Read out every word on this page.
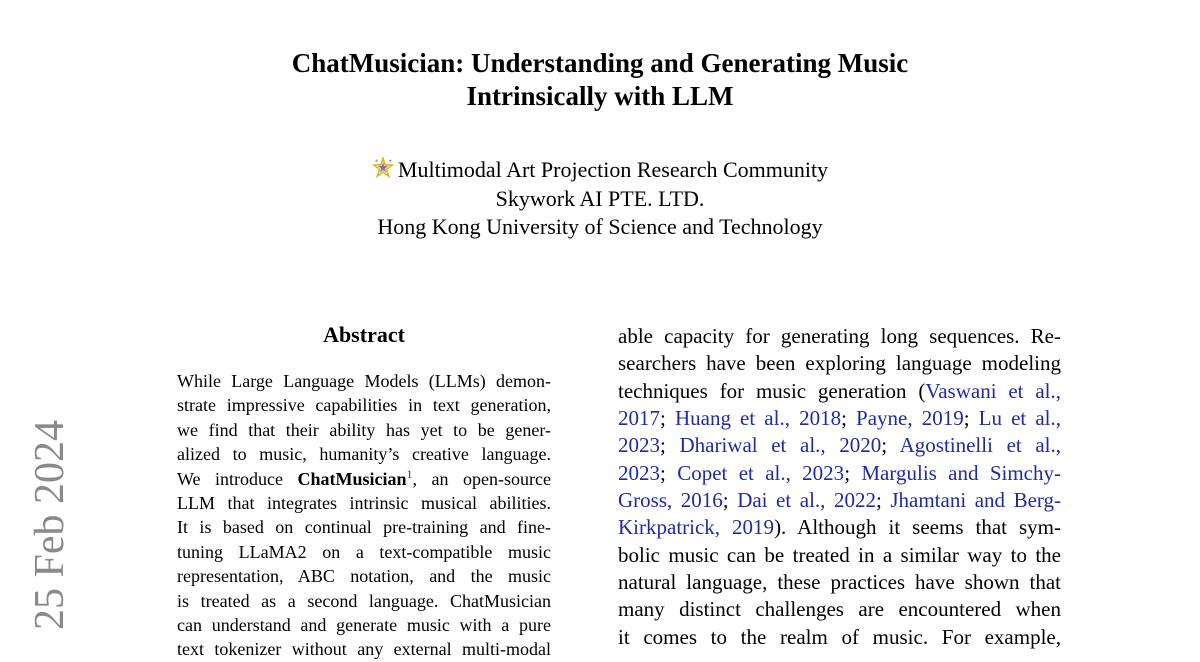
ChatMusician: Understanding and Generating Music
Intrinsically with LLM
Multimodal Art Projection Research Community
Skywork AI PTE. LTD.
Hong Kong University of Science and Technology
25 Feb 2024
Abstract
While Large Language Models (LLMs) demon-
strate impressive capabilities in text generation,
we find that their ability has yet to be gener-
alized to music, humanity’s creative language.
We introduce ChatMusician$^1$, an open-source
LLM that integrates intrinsic musical abilities.
It is based on continual pre-training and fine-
tuning LLaMA2 on a text-compatible music
representation, ABC notation, and the music
is treated as a second language. ChatMusician
can understand and generate music with a pure
text tokenizer without any external multi-modal
able capacity for generating long sequences. Re-
searchers have been exploring language modeling
techniques for music generation (Vaswani et al.,
2017; Huang et al., 2018; Payne, 2019; Lu et al.,
2023; Dhariwal et al., 2020; Agostinelli et al.,
2023; Copet et al., 2023; Margulis and Simchy-
Gross, 2016; Dai et al., 2022; Jhamtani and Berg-
Kirkpatrick, 2019). Although it seems that sym-
bolic music can be treated in a similar way to the
natural language, these practices have shown that
many distinct challenges are encountered when
it comes to the realm of music. For example,
